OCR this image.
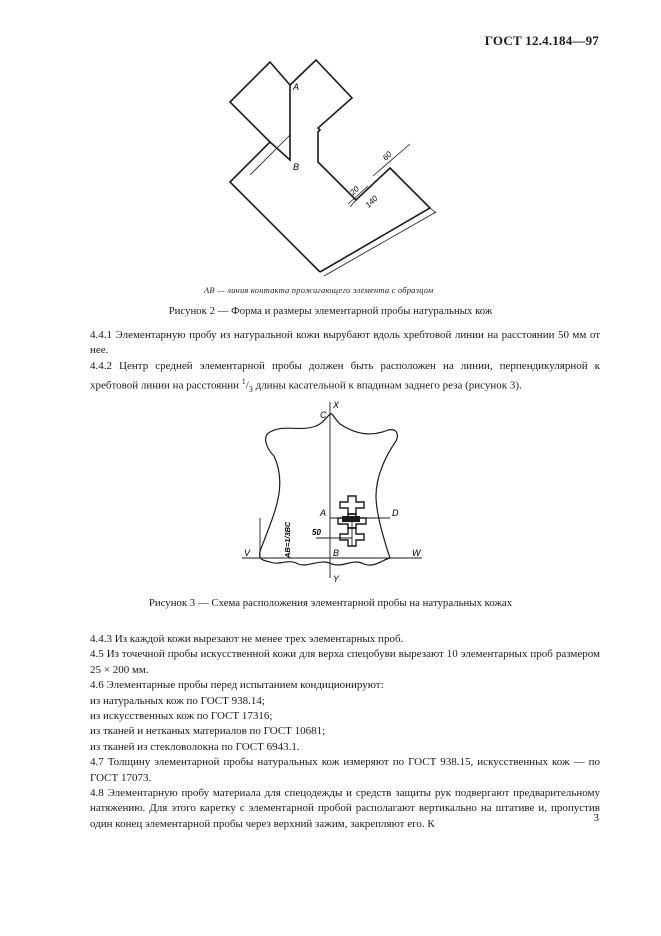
ГОСТ 12.4.184—97
А
В
20
60
140
АВ — линия контакта прожигающего элемента с образцом
Рисунок 2 — Форма и размеры элементарной пробы натуральных кож

4.4.1 Элементарную пробу из натуральной кожи вырубают вдоль хребтовой линии на расстоянии 50 мм от нее.

4.4.2 Центр средней элементарной пробы должен быть расположен на линии, перпендикулярной к хребтовой линии на расстоянии $^1/_3$ длины касательной к впадинам заднего реза (рисунок 3).

Х
С
А	D
В
V	W
Y
50
АВ=1/3ВС
Рисунок 3 — Схема расположения элементарной пробы на натуральных кожах

4.4.3 Из каждой кожи вырезают не менее трех элементарных проб.

4.5 Из точечной пробы искусственной кожи для верха спецобуви вырезают 10 элементарных проб размером 25 × 200 мм.

4.6 Элементарные пробы перед испытанием кондиционируют:

из натуральных кож по ГОСТ 938.14;

из искусственных кож по ГОСТ 17316;

из тканей и нетканых материалов по ГОСТ 10681;

из тканей из стекловолокна по ГОСТ 6943.1.

4.7 Толщину элементарной пробы натуральных кож измеряют по ГОСТ 938.15, искусственных кож — по ГОСТ 17073.

4.8 Элементарную пробу материала для спецодежды и средств защиты рук подвергают предварительному натяжению. Для этого каретку с элементарной пробой располагают вертикально на штативе и, пропустив один конец элементарной пробы через верхний зажим, закрепляют его. К	3
